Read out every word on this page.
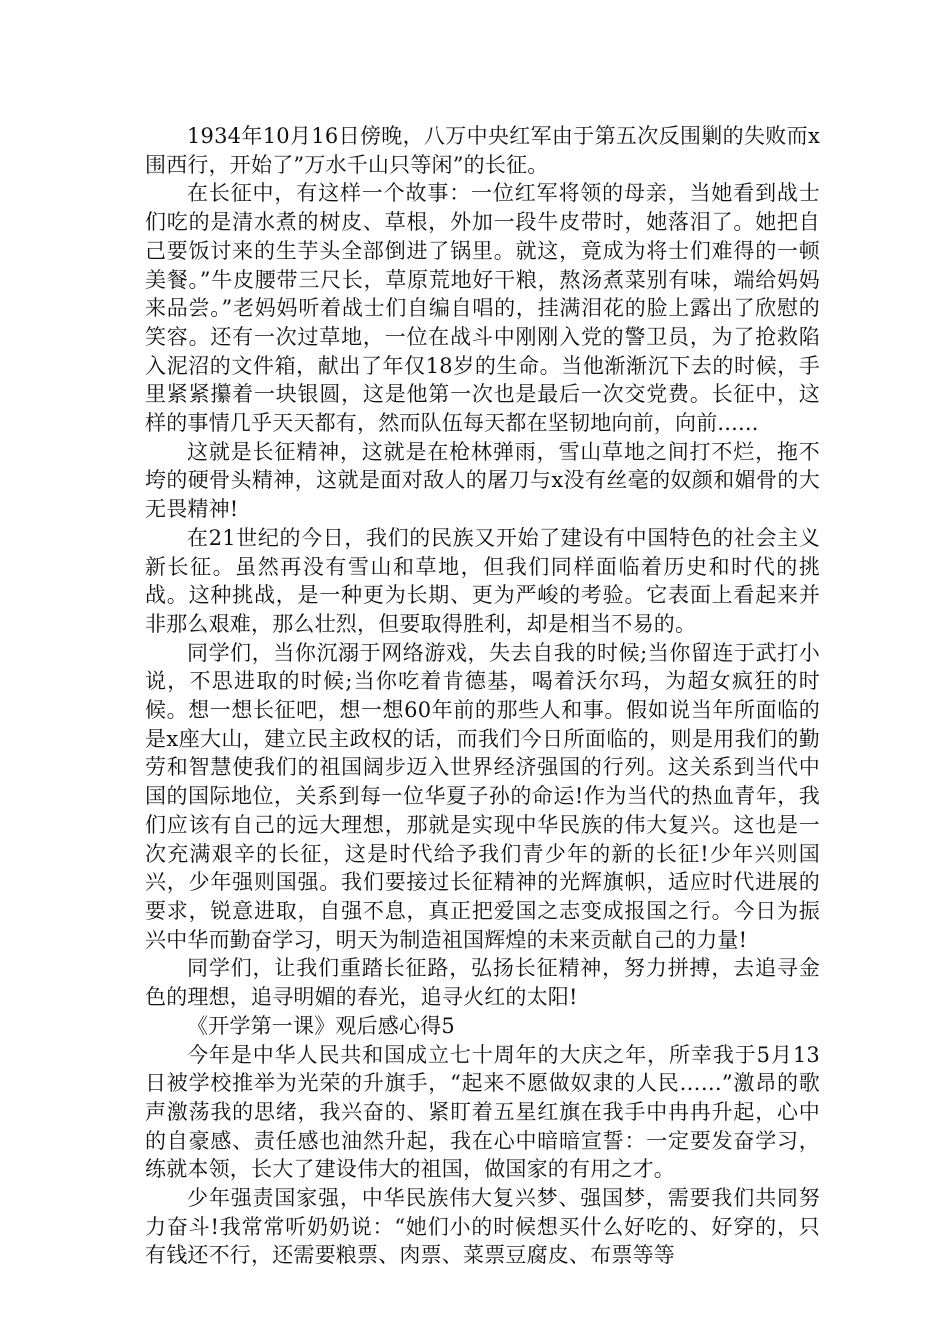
1934年10月16日傍晚，八万中央红军由于第五次反围剿的失败而x围西行，开始了”万水千山只等闲”的长征。

在长征中，有这样一个故事：一位红军将领的母亲，当她看到战士们吃的是清水煮的树皮、草根，外加一段牛皮带时，她落泪了。她把自己要饭讨来的生芋头全部倒进了锅里。就这，竟成为将士们难得的一顿美餐。”牛皮腰带三尺长，草原荒地好干粮，熬汤煮菜别有味，端给妈妈来品尝。”老妈妈听着战士们自编自唱的，挂满泪花的脸上露出了欣慰的笑容。还有一次过草地，一位在战斗中刚刚入党的警卫员，为了抢救陷入泥沼的文件箱，献出了年仅18岁的生命。当他渐渐沉下去的时候，手里紧紧攥着一块银圆，这是他第一次也是最后一次交党费。长征中，这样的事情几乎天天都有，然而队伍每天都在坚韧地向前，向前......

这就是长征精神，这就是在枪林弹雨，雪山草地之间打不烂，拖不垮的硬骨头精神，这就是面对敌人的屠刀与x没有丝毫的奴颜和媚骨的大无畏精神!

在21世纪的今日，我们的民族又开始了建设有中国特色的社会主义新长征。虽然再没有雪山和草地，但我们同样面临着历史和时代的挑战。这种挑战，是一种更为长期、更为严峻的考验。它表面上看起来并非那么艰难，那么壮烈，但要取得胜利，却是相当不易的。

同学们，当你沉溺于网络游戏，失去自我的时候;当你留连于武打小说，不思进取的时候;当你吃着肯德基，喝着沃尔玛，为超女疯狂的时候。想一想长征吧，想一想60年前的那些人和事。假如说当年所面临的是x座大山，建立民主政权的话，而我们今日所面临的，则是用我们的勤劳和智慧使我们的祖国阔步迈入世界经济强国的行列。这关系到当代中国的国际地位，关系到每一位华夏子孙的命运!作为当代的热血青年，我们应该有自己的远大理想，那就是实现中华民族的伟大复兴。这也是一次充满艰辛的长征，这是时代给予我们青少年的新的长征!少年兴则国兴，少年强则国强。我们要接过长征精神的光辉旗帜，适应时代进展的要求，锐意进取，自强不息，真正把爱国之志变成报国之行。今日为振兴中华而勤奋学习，明天为制造祖国辉煌的未来贡献自己的力量!

同学们，让我们重踏长征路，弘扬长征精神，努力拼搏，去追寻金色的理想，追寻明媚的春光，追寻火红的太阳!

《开学第一课》观后感心得5

今年是中华人民共和国成立七十周年的大庆之年，所幸我于5月13日被学校推举为光荣的升旗手，“起来不愿做奴隶的人民……”激昂的歌声激荡我的思绪，我兴奋的、紧盯着五星红旗在我手中冉冉升起，心中的自豪感、责任感也油然升起，我在心中暗暗宣誓：一定要发奋学习，练就本领，长大了建设伟大的祖国，做国家的有用之才。

少年强责国家强，中华民族伟大复兴梦、强国梦，需要我们共同努力奋斗!我常常听奶奶说：“她们小的时候想买什么好吃的、好穿的，只有钱还不行，还需要粮票、肉票、菜票豆腐皮、布票等等
